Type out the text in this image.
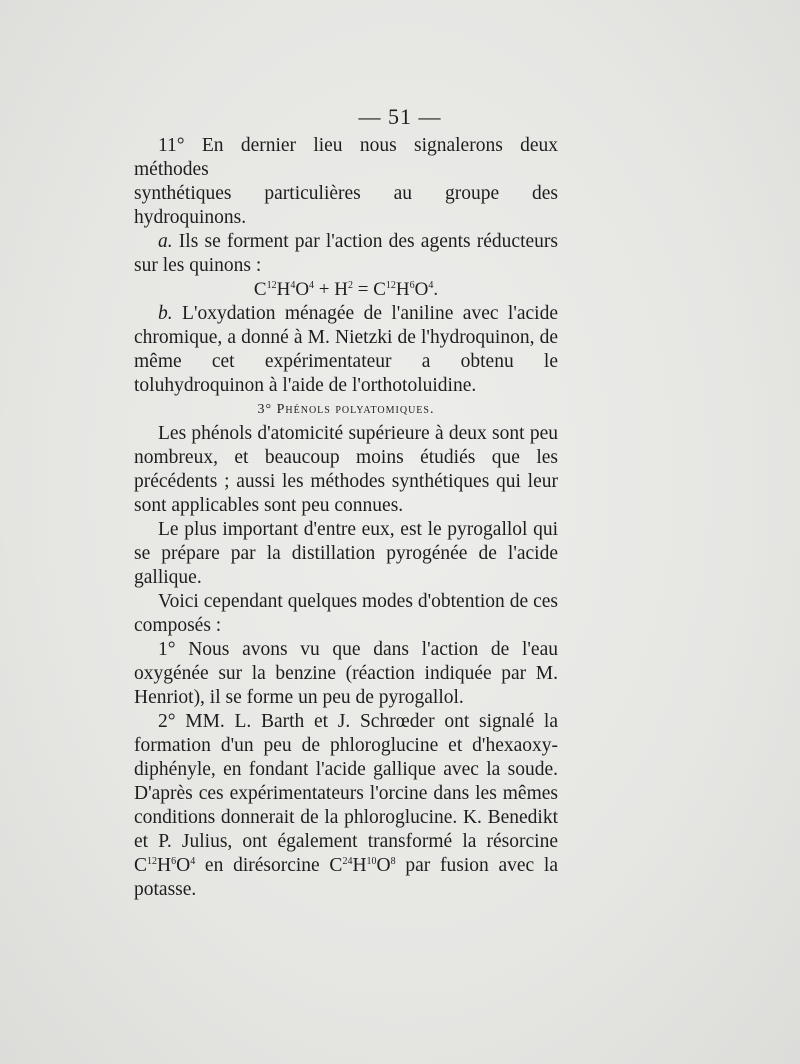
— 51 —

11° En dernier lieu nous signalerons deux méthodes

synthétiques particulières au groupe des hydroquinons.

a. Ils se forment par l'action des agents réducteurs sur les quinons :

$C^{12}H^4O^4 + H^2 = C^{12}H^6O^4$.

b. L'oxydation ménagée de l'aniline avec l'acide chromique, a donné à M. Nietzki de l'hydroquinon, de même cet expérimentateur a obtenu le toluhydroquinon à l'aide de l'orthotoluidine.

3° Phénols polyatomiques.

Les phénols d'atomicité supérieure à deux sont peu nombreux, et beaucoup moins étudiés que les précédents ; aussi les méthodes synthétiques qui leur sont applicables sont peu connues.

Le plus important d'entre eux, est le pyrogallol qui se prépare par la distillation pyrogénée de l'acide gallique.

Voici cependant quelques modes d'obtention de ces composés :

1° Nous avons vu que dans l'action de l'eau oxygénée sur la benzine (réaction indiquée par M. Henriot), il se forme un peu de pyrogallol.

2° MM. L. Barth et J. Schrœder ont signalé la formation d'un peu de phloroglucine et d'hexaoxy-diphényle, en fondant l'acide gallique avec la soude. D'après ces expérimentateurs l'orcine dans les mêmes conditions donnerait de la phloroglucine. K. Benedikt et P. Julius, ont également transformé la résorcine $C^{12}H^6O^4$ en dirésorcine $C^{24}H^{10}O^8$ par fusion avec la potasse.
